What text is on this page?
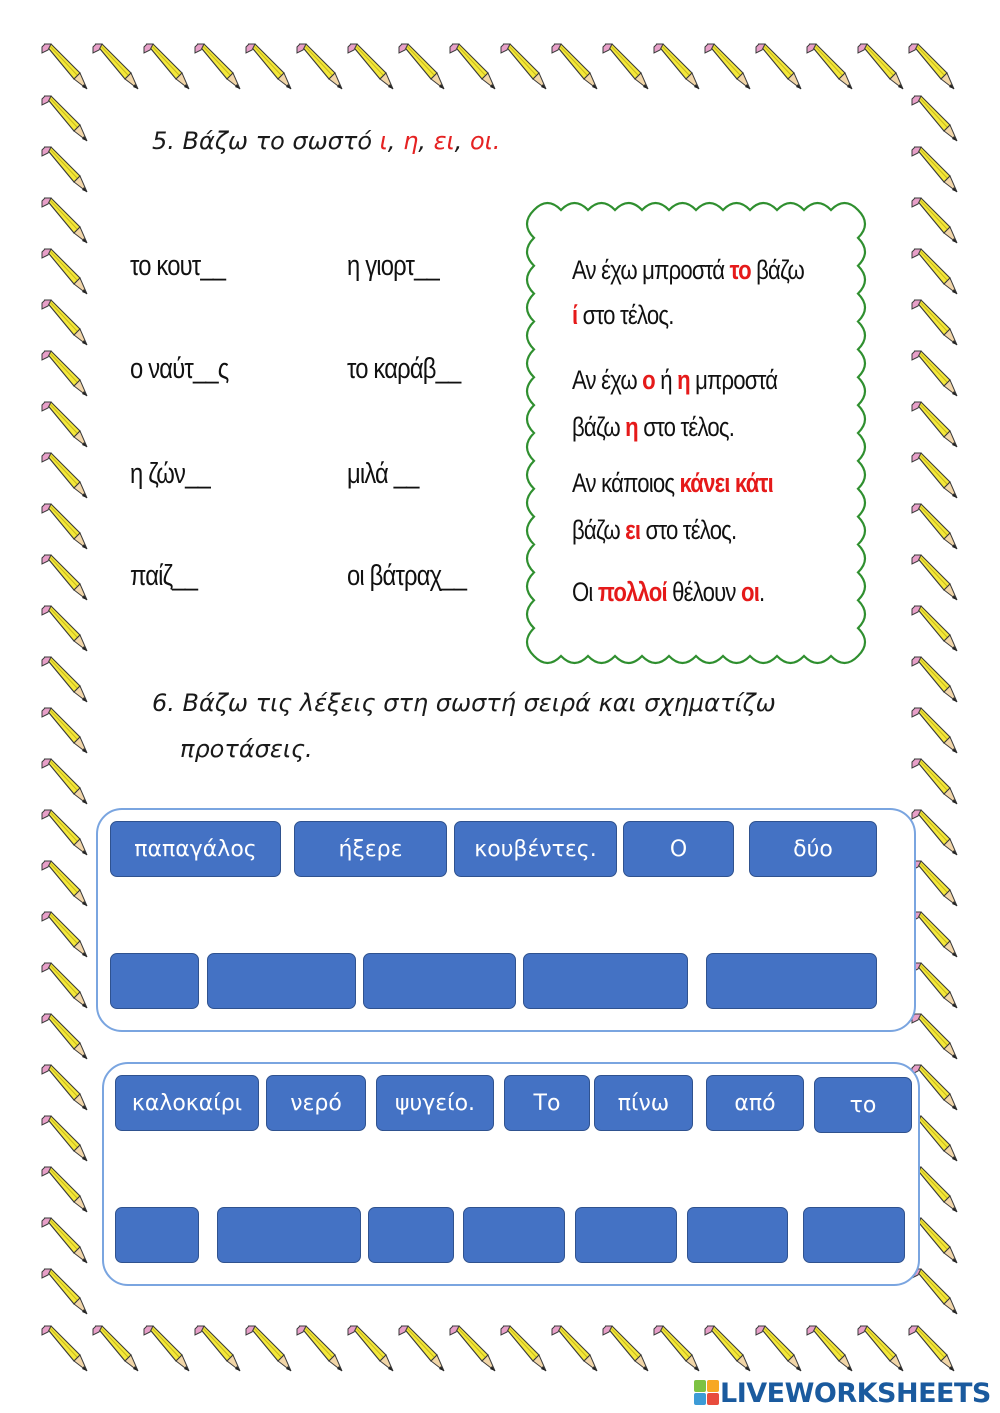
5. Βάζω το σωστό ι, η, ει, οι.
το κουτ__	η γιορτ__
ο ναύτ__ς	το καράβ__
η ζών__	μιλά __
παίζ__	οι βάτραχ__
Αν έχω μπροστά το βάζω
ί στο τέλος.
Αν έχω ο ή η μπροστά
βάζω η στο τέλος.
Αν κάποιος κάνει κάτι
βάζω ει στο τέλος.
Οι πολλοί θέλουν οι.
6. Βάζω τις λέξεις στη σωστή σειρά και σχηματίζω
προτάσεις.
παπαγάλος	ήξερε	κουβέντες.	Ο	δύο
καλοκαίρι	νερό	ψυγείο.	Το	πίνω	από	το
LIVEWORKSHEETS
